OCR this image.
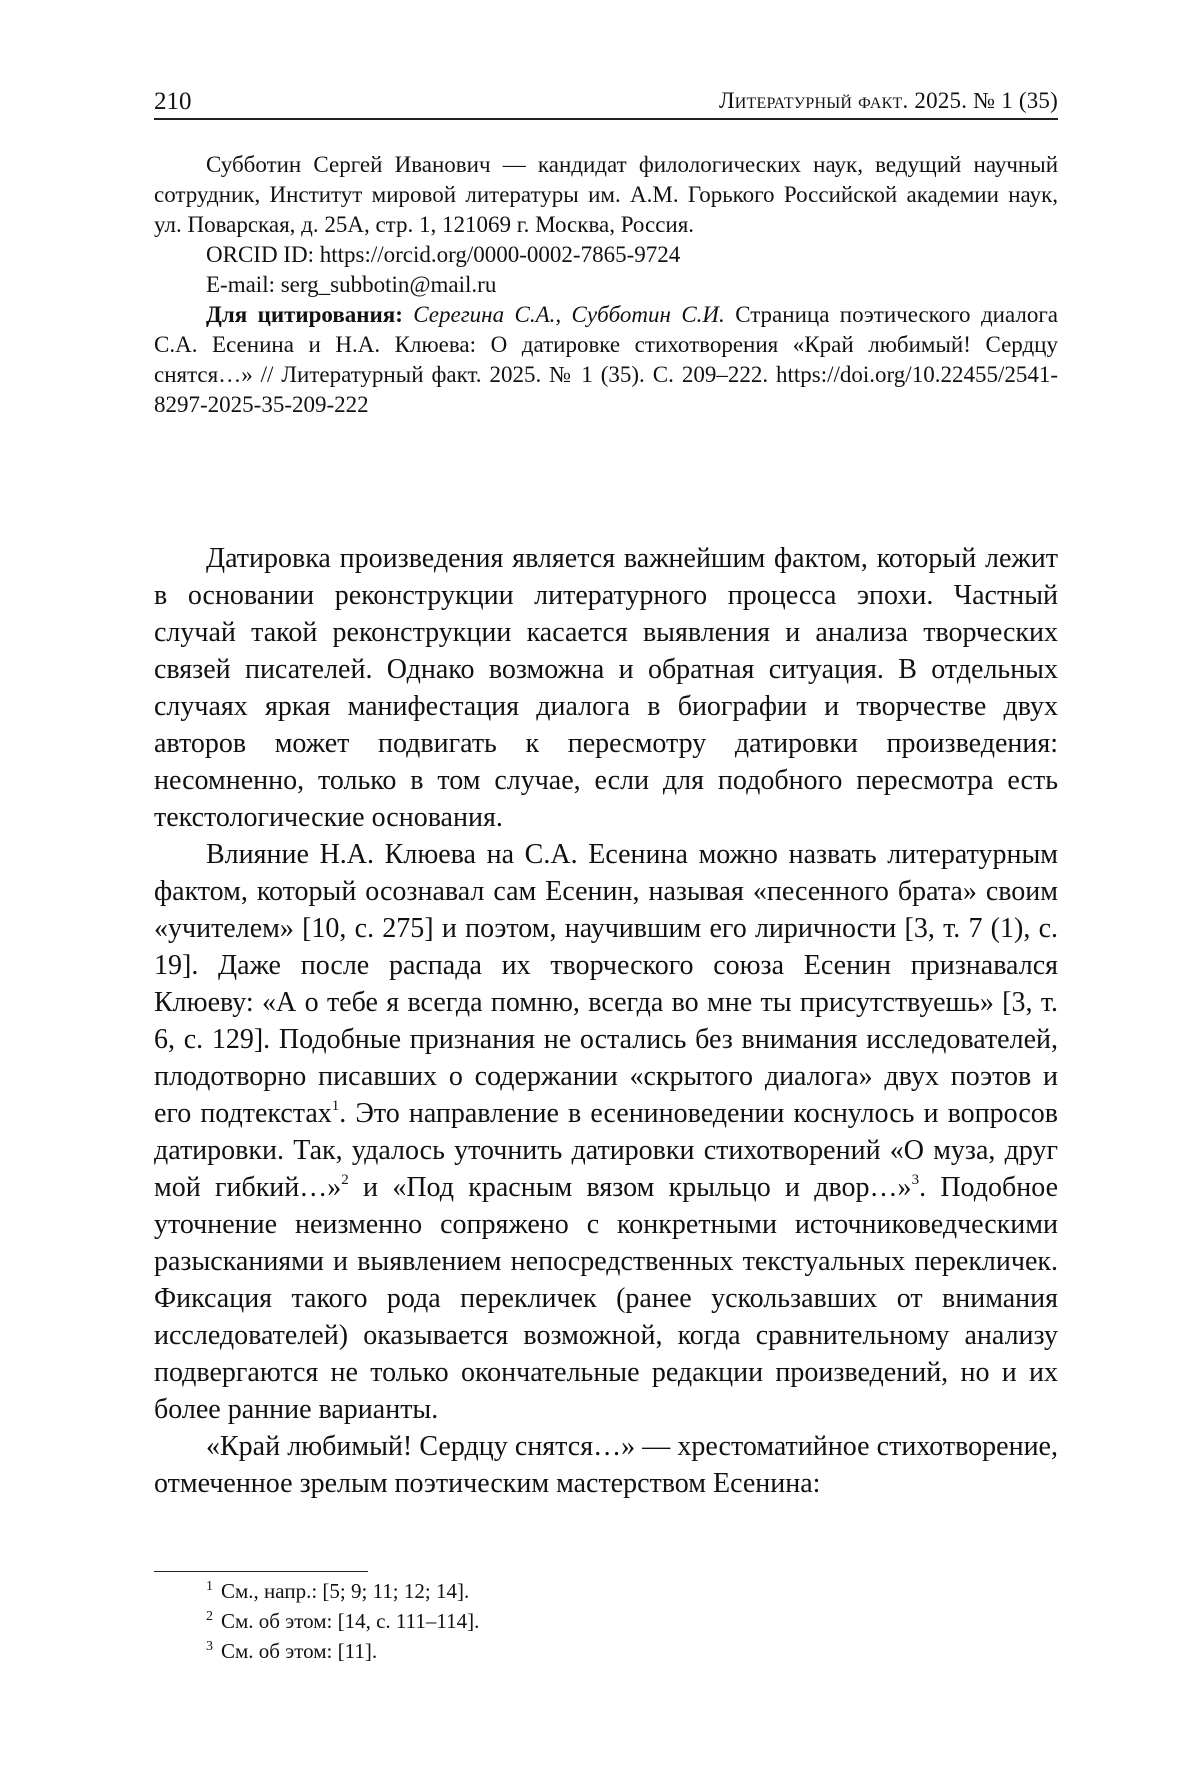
210	Литературный факт. 2025. № 1 (35)

Субботин Сергей Иванович — кандидат филологических наук, ведущий научный сотрудник, Институт мировой литературы им. А.М. Горького Российской академии наук, ул. Поварская, д. 25А, стр. 1, 121069 г. Москва, Россия.

ORCID ID: https://orcid.org/0000-0002-7865-9724

E-mail: serg_subbotin@mail.ru

Для цитирования: Серегина С.А., Субботин С.И. Страница поэтического диалога С.А. Есенина и Н.А. Клюева: О датировке стихотворения «Край любимый! Сердцу снятся…» // Литературный факт. 2025. № 1 (35). С. 209–222. https://doi.org/10.22455/2541-8297-2025-35-209-222

Датировка произведения является важнейшим фактом, который лежит в основании реконструкции литературного процесса эпохи. Частный случай такой реконструкции касается выявления и анализа творческих связей писателей. Однако возможна и обратная ситуация. В отдельных случаях яркая манифестация диалога в биографии и творчестве двух авторов может подвигать к пересмотру датировки произведения: несомненно, только в том случае, если для подобного пересмотра есть текстологические основания.

Влияние Н.А. Клюева на С.А. Есенина можно назвать литературным фактом, который осознавал сам Есенин, называя «песенного брата» своим «учителем» [10, с. 275] и поэтом, научившим его лиричности [3, т. 7 (1), с. 19]. Даже после распада их творческого союза Есенин признавался Клюеву: «А о тебе я всегда помню, всегда во мне ты присутствуешь» [3, т. 6, с. 129]. Подобные признания не остались без внимания исследователей, плодотворно писавших о содержании «скрытого диалога» двух поэтов и его подтекстах$^1$. Это направление в есениноведении коснулось и вопросов датировки. Так, удалось уточнить датировки стихотворений «О муза, друг мой гибкий…»$^2$ и «Под красным вязом крыльцо и двор…»$^3$. Подобное уточнение неизменно сопряжено с конкретными источниковедческими разысканиями и выявлением непосредственных текстуальных перекличек. Фиксация такого рода перекличек (ранее ускользавших от внимания исследователей) оказывается возможной, когда сравнительному анализу подвергаются не только окончательные редакции произведений, но и их более ранние варианты.

«Край любимый! Сердцу снятся…» — хрестоматийное стихотворение, отмеченное зрелым поэтическим мастерством Есенина:

$^1$ См., напр.: [5; 9; 11; 12; 14].

$^2$ См. об этом: [14, с. 111–114].

$^3$ См. об этом: [11].
